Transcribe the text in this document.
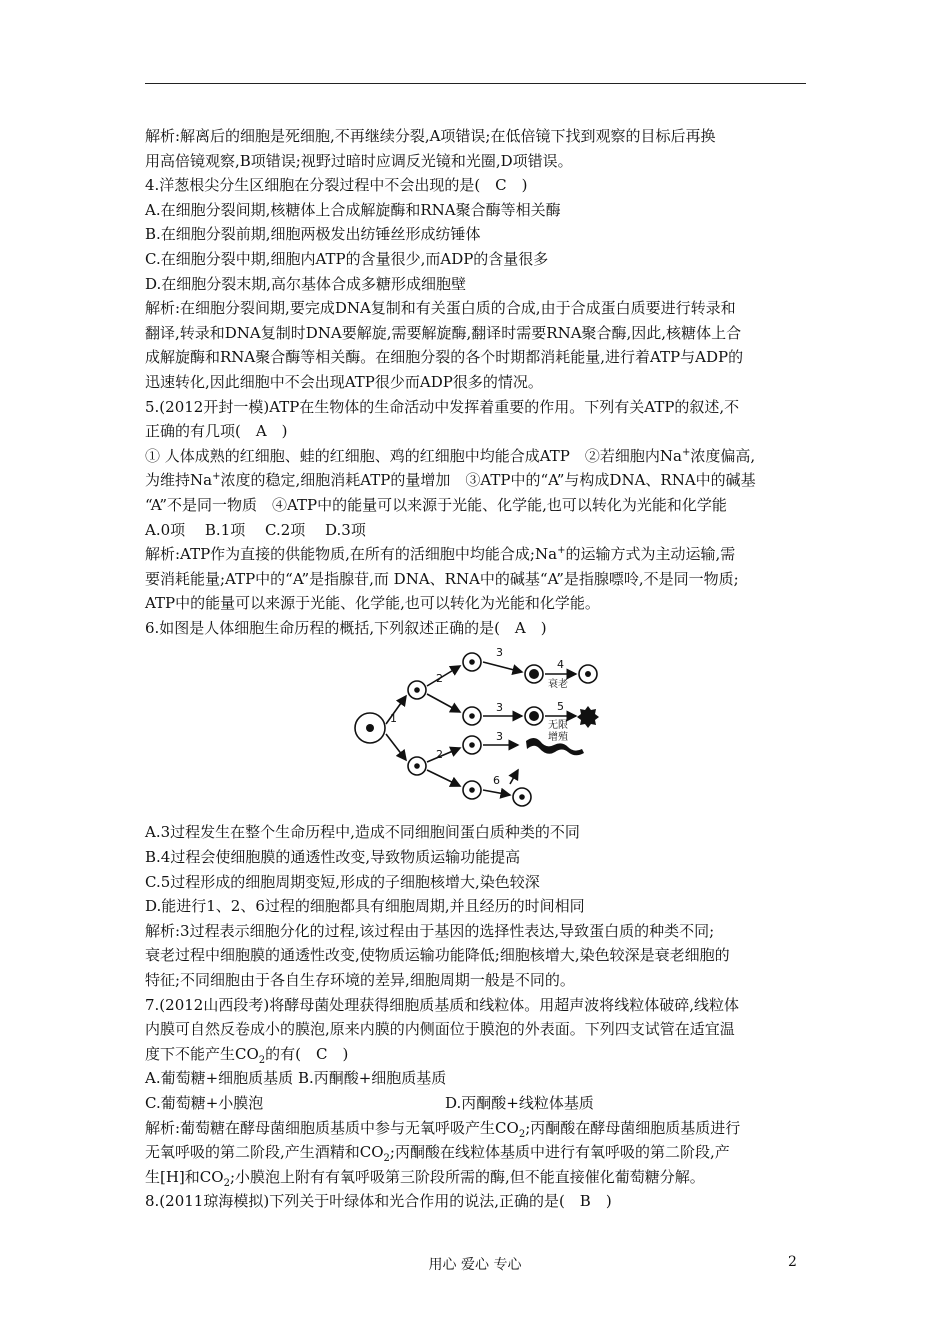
解析:解离后的细胞是死细胞,不再继续分裂,A项错误;在低倍镜下找到观察的目标后再换
用高倍镜观察,B项错误;视野过暗时应调反光镜和光圈,D项错误。
4.洋葱根尖分生区细胞在分裂过程中不会出现的是(　C　)
A.在细胞分裂间期,核糖体上合成解旋酶和RNA聚合酶等相关酶
B.在细胞分裂前期,细胞两极发出纺锤丝形成纺锤体
C.在细胞分裂中期,细胞内ATP的含量很少,而ADP的含量很多
D.在细胞分裂末期,高尔基体合成多糖形成细胞壁
解析:在细胞分裂间期,要完成DNA复制和有关蛋白质的合成,由于合成蛋白质要进行转录和
翻译,转录和DNA复制时DNA要解旋,需要解旋酶,翻译时需要RNA聚合酶,因此,核糖体上合
成解旋酶和RNA聚合酶等相关酶。在细胞分裂的各个时期都消耗能量,进行着ATP与ADP的
迅速转化,因此细胞中不会出现ATP很少而ADP很多的情况。
5.(2012开封一模)ATP在生物体的生命活动中发挥着重要的作用。下列有关ATP的叙述,不
正确的有几项(　A　)
① 人体成熟的红细胞、蛙的红细胞、鸡的红细胞中均能合成ATP　②若细胞内Na+浓度偏高,
为维持Na+浓度的稳定,细胞消耗ATP的量增加　③ATP中的“A”与构成DNA、RNA中的碱基
“A”不是同一物质　④ATP中的能量可以来源于光能、化学能,也可以转化为光能和化学能
A.0项　 B.1项　 C.2项　 D.3项
解析:ATP作为直接的供能物质,在所有的活细胞中均能合成;Na+的运输方式为主动运输,需
要消耗能量;ATP中的“A”是指腺苷,而 DNA、RNA中的碱基“A”是指腺嘌呤,不是同一物质;
ATP中的能量可以来源于光能、化学能,也可以转化为光能和化学能。
6.如图是人体细胞生命历程的概括,下列叙述正确的是(　A　)
1
2
2
3
3
3
4
5
6
衰老
无限
增殖
A.3过程发生在整个生命历程中,造成不同细胞间蛋白质种类的不同
B.4过程会使细胞膜的通透性改变,导致物质运输功能提高
C.5过程形成的细胞周期变短,形成的子细胞核增大,染色较深
D.能进行1、2、6过程的细胞都具有细胞周期,并且经历的时间相同
解析:3过程表示细胞分化的过程,该过程由于基因的选择性表达,导致蛋白质的种类不同;
衰老过程中细胞膜的通透性改变,使物质运输功能降低;细胞核增大,染色较深是衰老细胞的
特征;不同细胞由于各自生存环境的差异,细胞周期一般是不同的。
7.(2012山西段考)将酵母菌处理获得细胞质基质和线粒体。用超声波将线粒体破碎,线粒体
内膜可自然反卷成小的膜泡,原来内膜的内侧面位于膜泡的外表面。下列四支试管在适宜温
度下不能产生$CO_2$的有(　C　)
A.葡萄糖+细胞质基质 B.丙酮酸+细胞质基质
C.葡萄糖+小膜泡	D.丙酮酸+线粒体基质
解析:葡萄糖在酵母菌细胞质基质中参与无氧呼吸产生$CO_2$;丙酮酸在酵母菌细胞质基质进行
无氧呼吸的第二阶段,产生酒精和$CO_2$;丙酮酸在线粒体基质中进行有氧呼吸的第二阶段,产
生[H]和$CO_2$;小膜泡上附有有氧呼吸第三阶段所需的酶,但不能直接催化葡萄糖分解。
8.(2011琼海模拟)下列关于叶绿体和光合作用的说法,正确的是(　B　)
用心 爱心 专心	2
